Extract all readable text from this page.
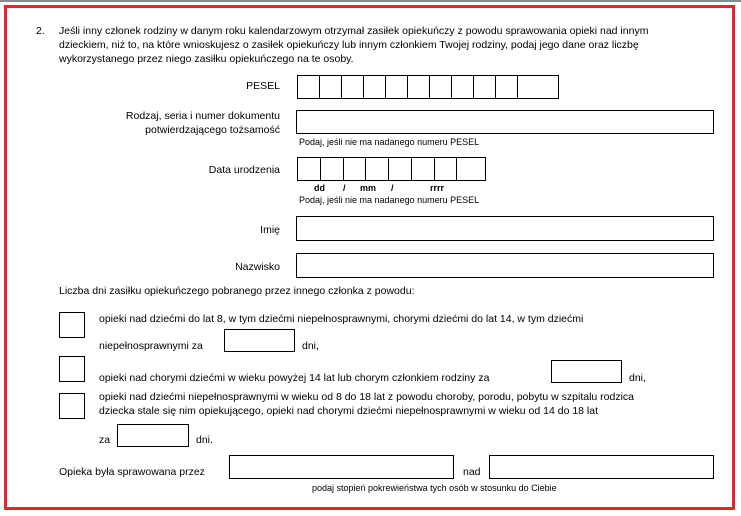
2. Jeśli inny członek rodziny w danym roku kalendarzowym otrzymał zasiłek opiekuńczy z powodu sprawowania opieki nad innym
dzieckiem, niż to, na które wnioskujesz o zasiłek opiekuńczy lub innym członkiem Twojej rodziny, podaj jego dane oraz liczbę
wykorzystanego przez niego zasiłku opiekuńczego na te osoby.
PESEL
Rodzaj, seria i numer dokumentu
potwierdzającego tożsamość
Podaj, jeśli nie ma nadanego numeru PESEL
Data urodzenia
dd / mm /	rrrr
Podaj, jeśli nie ma nadanego numeru PESEL
Imię
Nazwisko
Liczba dni zasiłku opiekuńczego pobranego przez innego członka z powodu:
opieki nad dziećmi do lat 8, w tym dziećmi niepełnosprawnymi, chorymi dziećmi do lat 14, w tym dziećmi
niepełnosprawnymi za	dni,
opieki nad chorymi dziećmi w wieku powyżej 14 lat lub chorym członkiem rodziny za	dni,
opieki nad dziećmi niepełnosprawnymi w wieku od 8 do 18 lat z powodu choroby, porodu, pobytu w szpitalu rodzica
dziecka stale się nim opiekującego, opieki nad chorymi dziećmi niepełnosprawnymi w wieku od 14 do 18 lat
za	dni.
Opieka była sprawowana przez	nad
podaj stopień pokrewieństwa tych osób w stosunku do Ciebie
